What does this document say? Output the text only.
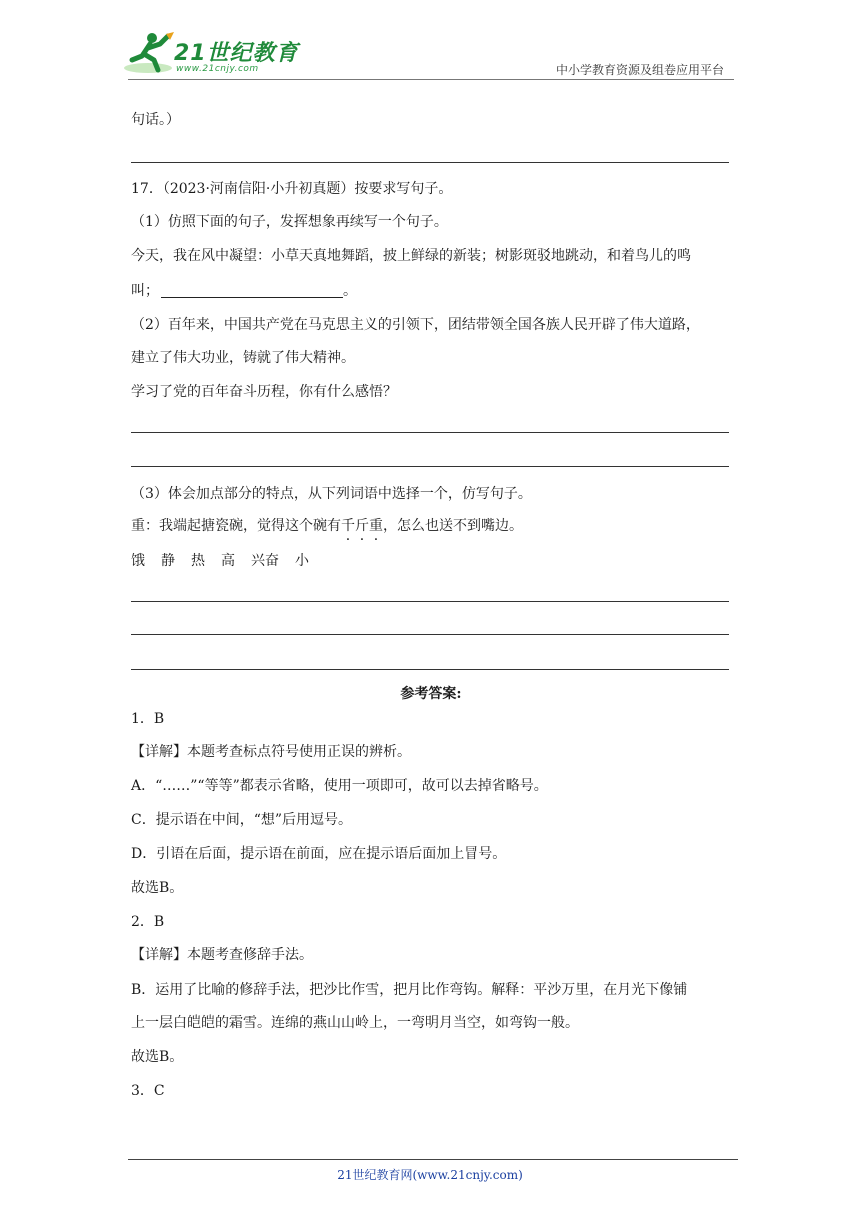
21世纪教育
www.21cnjy.com	中小学教育资源及组卷应用平台
句话。）
17．（2023·河南信阳·小升初真题）按要求写句子。
（1）仿照下面的句子，发挥想象再续写一个句子。
今天，我在风中凝望：小草天真地舞蹈，披上鲜绿的新装；树影斑驳地跳动，和着鸟儿的鸣
叫；	。
（2）百年来，中国共产党在马克思主义的引领下，团结带领全国各族人民开辟了伟大道路，
建立了伟大功业，铸就了伟大精神。
学习了党的百年奋斗历程，你有什么感悟？
（3）体会加点部分的特点，从下列词语中选择一个，仿写句子。
重：我端起搪瓷碗，觉得这个碗有千斤重，怎么也送不到嘴边。
饿 静 热 高 兴奋 小
参考答案:
1．B
【详解】本题考查标点符号使用正误的辨析。
A．“……”“等等”都表示省略，使用一项即可，故可以去掉省略号。
C．提示语在中间，“想”后用逗号。
D．引语在后面，提示语在前面，应在提示语后面加上冒号。
故选B。
2．B
【详解】本题考查修辞手法。
B．运用了比喻的修辞手法，把沙比作雪，把月比作弯钩。解释：平沙万里，在月光下像铺
上一层白皑皑的霜雪。连绵的燕山山岭上，一弯明月当空，如弯钩一般。
故选B。
3．C
21世纪教育网(www.21cnjy.com)
